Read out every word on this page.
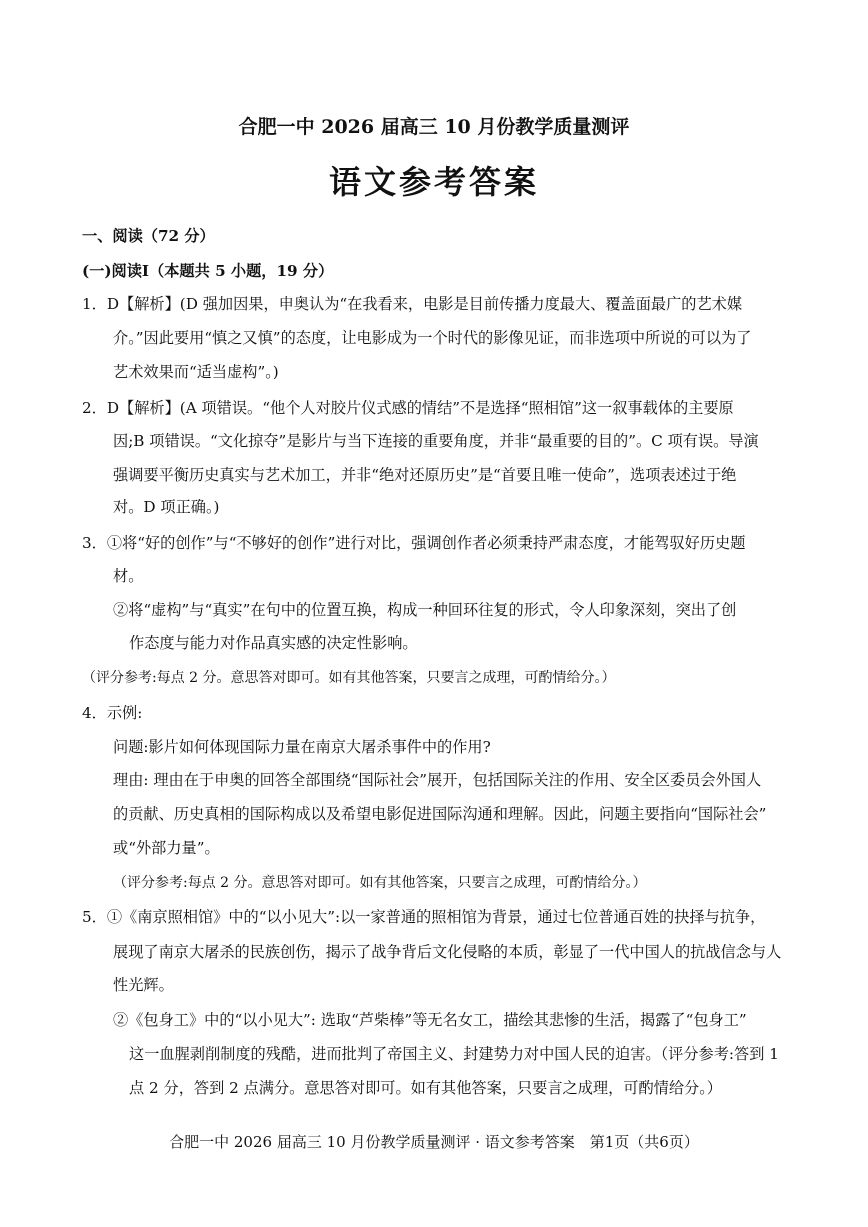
合肥一中 2026 届高三 10 月份教学质量测评
语文参考答案
一、阅读（72 分）
(一)阅读I（本题共 5 小题，19 分）
1．D【解析】(D 强加因果，申奥认为“在我看来，电影是目前传播力度最大、覆盖面最广的艺术媒
介。”因此要用“慎之又慎”的态度，让电影成为一个时代的影像见证，而非选项中所说的可以为了
艺术效果而“适当虚构”。)
2．D【解析】(A 项错误。“他个人对胶片仪式感的情结”不是选择“照相馆”这一叙事载体的主要原
因;B 项错误。“文化掠夺”是影片与当下连接的重要角度，并非“最重要的目的”。C 项有误。导演
强调要平衡历史真实与艺术加工，并非“绝对还原历史”是“首要且唯一使命”，选项表述过于绝
对。D 项正确。)
3．①将“好的创作”与“不够好的创作”进行对比，强调创作者必须秉持严肃态度，才能驾驭好历史题
材。
②将“虚构”与“真实”在句中的位置互换，构成一种回环往复的形式，令人印象深刻，突出了创
作态度与能力对作品真实感的决定性影响。
（评分参考:每点 2 分。意思答对即可。如有其他答案，只要言之成理，可酌情给分。）
4．示例:
问题:影片如何体现国际力量在南京大屠杀事件中的作用?
理由: 理由在于申奥的回答全部围绕“国际社会”展开，包括国际关注的作用、安全区委员会外国人
的贡献、历史真相的国际构成以及希望电影促进国际沟通和理解。因此，问题主要指向“国际社会”
或“外部力量”。
（评分参考:每点 2 分。意思答对即可。如有其他答案，只要言之成理，可酌情给分。）
5．①《南京照相馆》中的“以小见大”:以一家普通的照相馆为背景，通过七位普通百姓的抉择与抗争，
展现了南京大屠杀的民族创伤，揭示了战争背后文化侵略的本质，彰显了一代中国人的抗战信念与人
性光辉。
②《包身工》中的“以小见大”: 选取“芦柴棒”等无名女工，描绘其悲惨的生活，揭露了“包身工”
这一血腥剥削制度的残酷，进而批判了帝国主义、封建势力对中国人民的迫害。（评分参考:答到 1
点 2 分，答到 2 点满分。意思答对即可。如有其他答案，只要言之成理，可酌情给分。）
合肥一中 2026 届高三 10 月份教学质量测评 · 语文参考答案　第1页（共6页）
